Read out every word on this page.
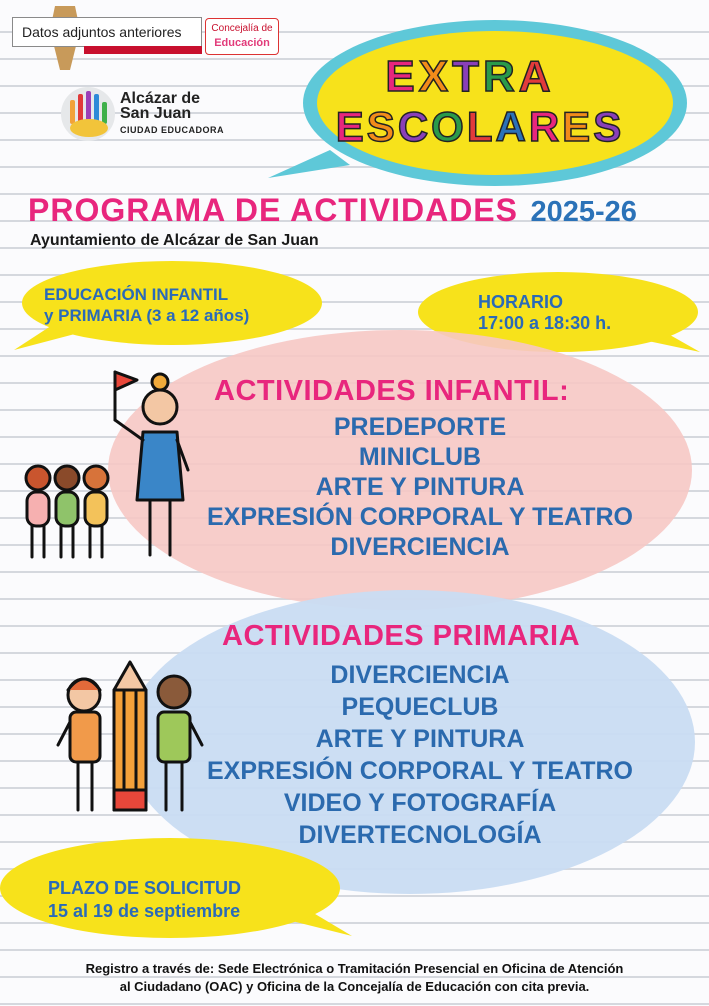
Datos adjuntos anteriores	Concejalía de
Educación
Alcázar de
San Juan
CIUDAD EDUCADORA
EXTRA
ESCOLARES
PROGRAMA DE ACTIVIDADES 2025-26
Ayuntamiento de Alcázar de San Juan
EDUCACIÓN INFANTIL
y PRIMARIA (3 a 12 años)
HORARIO
17:00 a 18:30 h.
ACTIVIDADES INFANTIL:
PREDEPORTE
MINICLUB
ARTE Y PINTURA
EXPRESIÓN CORPORAL Y TEATRO
DIVERCIENCIA
ACTIVIDADES PRIMARIA
DIVERCIENCIA
PEQUECLUB
ARTE Y PINTURA
EXPRESIÓN CORPORAL Y TEATRO
VIDEO Y FOTOGRAFÍA
DIVERTECNOLOGÍA
PLAZO DE SOLICITUD
15 al 19 de septiembre
Registro a través de: Sede Electrónica o Tramitación Presencial en Oficina de Atención
al Ciudadano (OAC) y Oficina de la Concejalía de Educación con cita previa.
